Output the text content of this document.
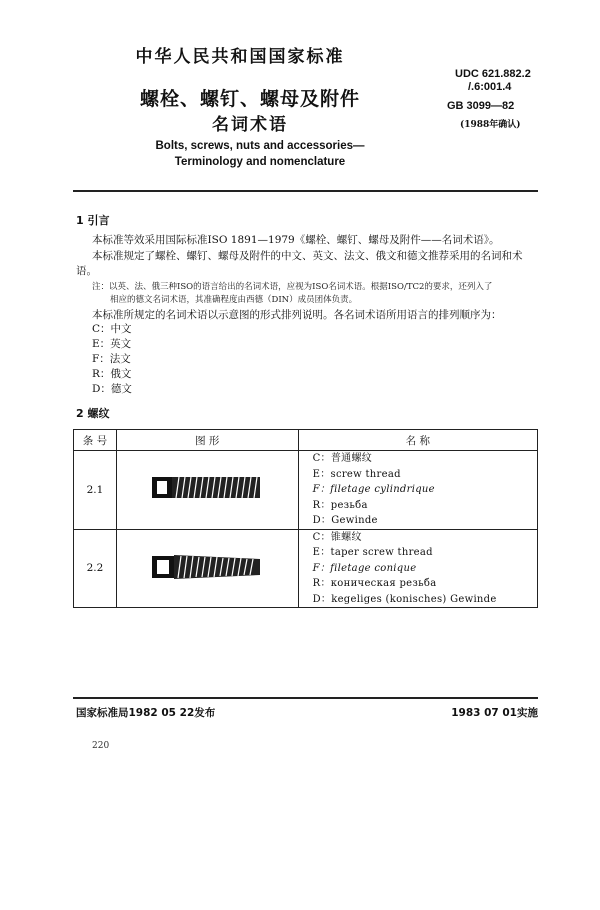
中华人民共和国国家标准
UDC 621.882.2
/.6:001.4
螺栓、螺钉、螺母及附件	GB 3099—82
(1988年确认)
名词术语
Bolts, screws, nuts and accessories—
Terminology and nomenclature
1 引言
本标准等效采用国际标准ISO 1891—1979《螺栓、螺钉、螺母及附件——名词术语》。
本标准规定了螺栓、螺钉、螺母及附件的中文、英文、法文、俄文和德文推荐采用的名词和术
语。
注：以英、法、俄三种ISO的语言给出的名词术语，应视为ISO名词术语。根据ISO/TC2的要求，还列入了
相应的德文名词术语，其准确程度由西德（DIN）成员团体负责。
本标准所规定的名词术语以示意图的形式排列说明。各名词术语所用语言的排列顺序为：
C：中文
E：英文
F：法文
R：俄文
D：德文
2 螺纹
条 号	图 形	名 称
2.1		C：普通螺纹
E：screw thread
F：filetage cylindrique
R：резьба
D：Gewinde

2.2		C：锥螺纹
E：taper screw thread
F：filetage conique
R：коническая резьба
D：kegeliges (konisches) Gewinde
国家标准局1982 05 22发布	1983 07 01实施
220
